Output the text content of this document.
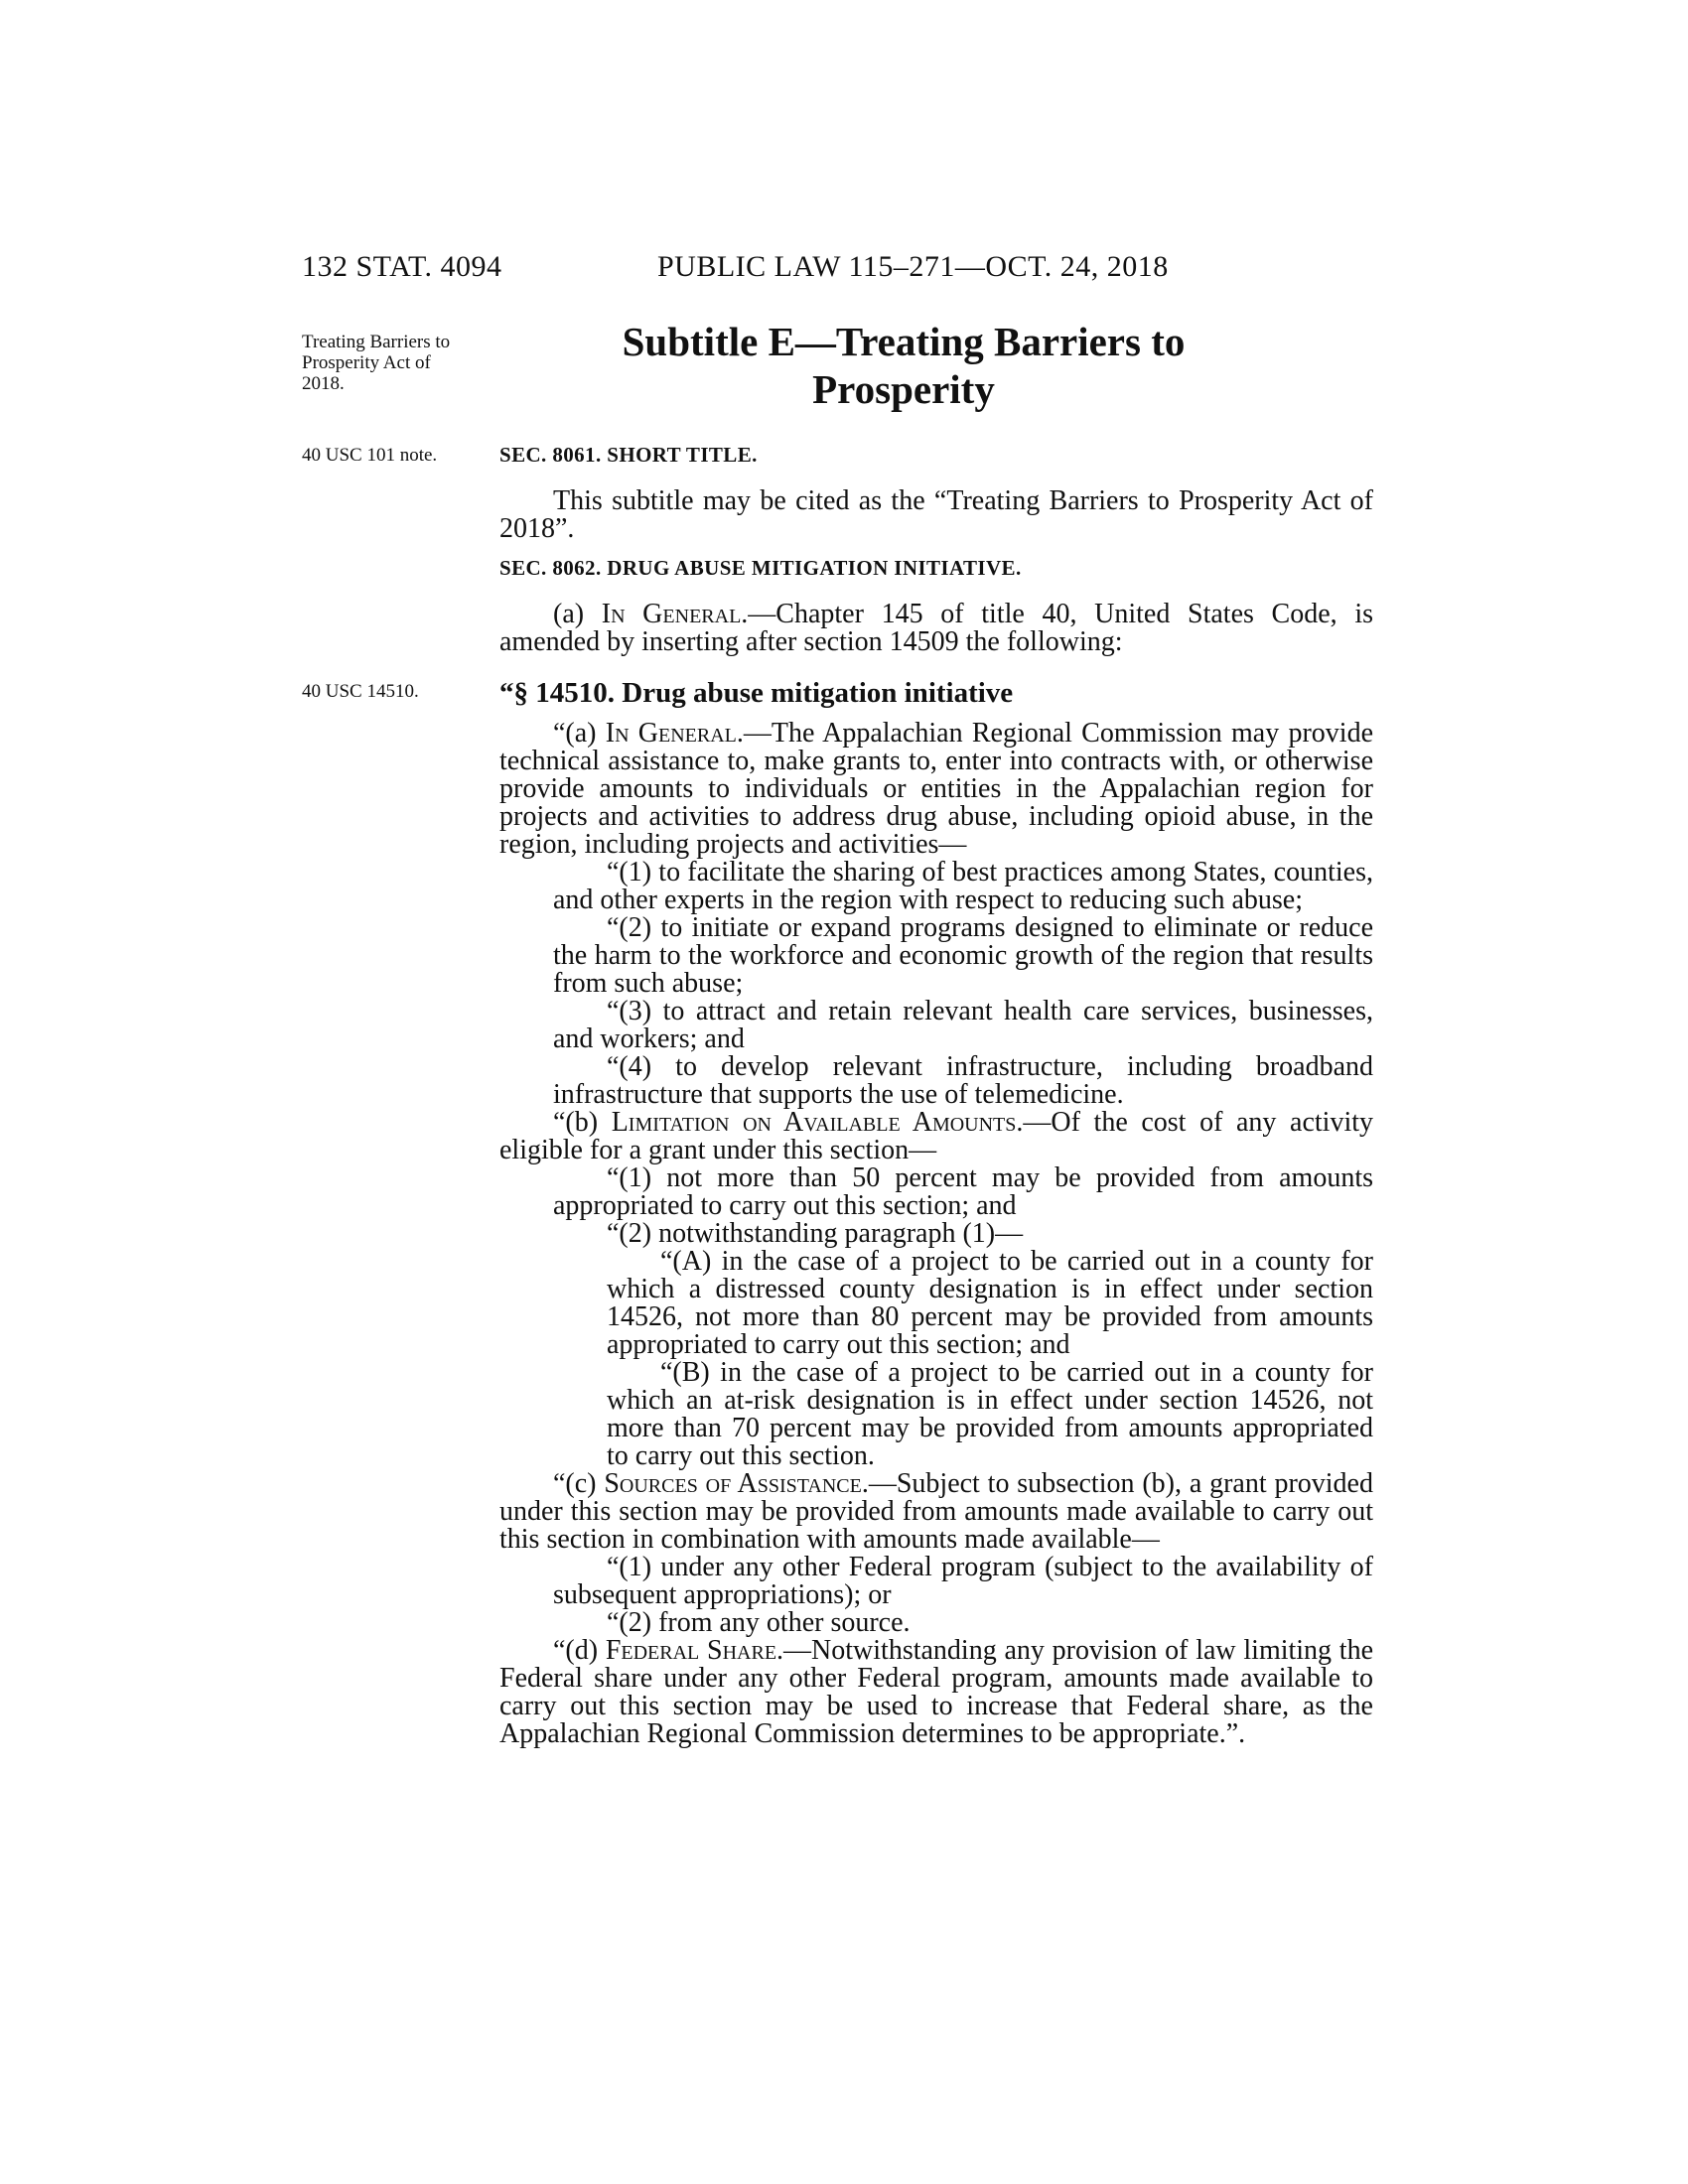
132 STAT. 4094	PUBLIC LAW 115–271—OCT. 24, 2018
Treating Barriers to Prosperity Act of 2018.
40 USC 101 note.
40 USC 14510.
Subtitle E—Treating Barriers to
Prosperity
SEC. 8061. SHORT TITLE.

This subtitle may be cited as the “Treating Barriers to Prosperity Act of 2018”.

SEC. 8062. DRUG ABUSE MITIGATION INITIATIVE.

(a) In General.—Chapter 145 of title 40, United States Code, is amended by inserting after section 14509 the following:

“§ 14510. Drug abuse mitigation initiative

“(a) In General.—The Appalachian Regional Commission may provide technical assistance to, make grants to, enter into contracts with, or otherwise provide amounts to individuals or entities in the Appalachian region for projects and activities to address drug abuse, including opioid abuse, in the region, including projects and activities—

“(1) to facilitate the sharing of best practices among States, counties, and other experts in the region with respect to reducing such abuse;

“(2) to initiate or expand programs designed to eliminate or reduce the harm to the workforce and economic growth of the region that results from such abuse;

“(3) to attract and retain relevant health care services, businesses, and workers; and

“(4) to develop relevant infrastructure, including broadband infrastructure that supports the use of telemedicine.

“(b) Limitation on Available Amounts.—Of the cost of any activity eligible for a grant under this section—

“(1) not more than 50 percent may be provided from amounts appropriated to carry out this section; and

“(2) notwithstanding paragraph (1)—

“(A) in the case of a project to be carried out in a county for which a distressed county designation is in effect under section 14526, not more than 80 percent may be provided from amounts appropriated to carry out this section; and

“(B) in the case of a project to be carried out in a county for which an at-risk designation is in effect under section 14526, not more than 70 percent may be provided from amounts appropriated to carry out this section.

“(c) Sources of Assistance.—Subject to subsection (b), a grant provided under this section may be provided from amounts made available to carry out this section in combination with amounts made available—

“(1) under any other Federal program (subject to the availability of subsequent appropriations); or

“(2) from any other source.

“(d) Federal Share.—Notwithstanding any provision of law limiting the Federal share under any other Federal program, amounts made available to carry out this section may be used to increase that Federal share, as the Appalachian Regional Commission determines to be appropriate.”.
